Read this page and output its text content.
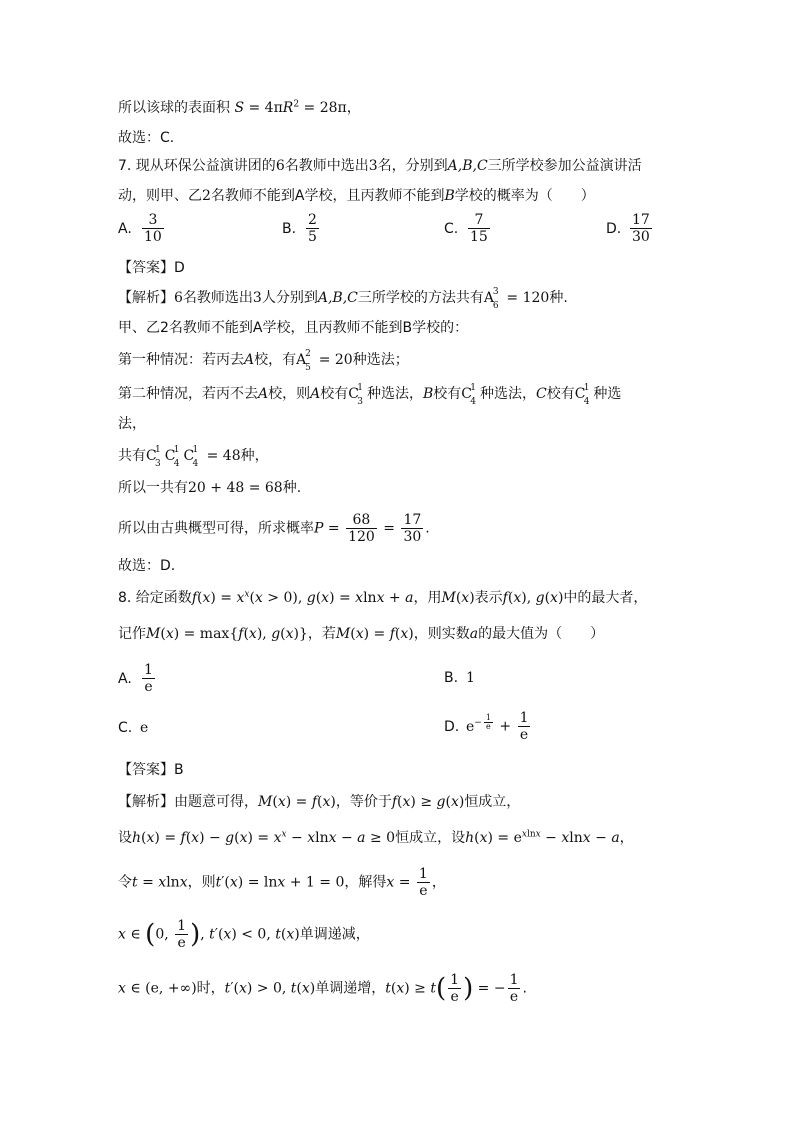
所以该球的表面积 $S = 4\pi R^2 = 28\pi$，
故选：C.
7. 现从环保公益演讲团的6名教师中选出3名，分别到A,B,C三所学校参加公益演讲活
动，则甲、乙2名教师不能到A学校，且丙教师不能到B学校的概率为（　　）
A. $\frac{3}{10}$	B. $\frac{2}{5}$	C. $\frac{7}{15}$	D. $\frac{17}{30}$
【答案】D
【解析】6名教师选出3人分别到A,B,C三所学校的方法共有A
3
6 = 120种.
甲、乙2名教师不能到A学校，且丙教师不能到B学校的：
第一种情况：若丙去A校，有A
2
5 = 20种选法；
第二种情况，若丙不去A校，则A校有C
1
3 种选法，B校有C
1
4 种选法，C校有C
1
4 种选
法，
共有C
1
3 C
1
4 C
1
4 = 48种，
所以一共有20 + 48 = 68种.
所以由古典概型可得，所求概率$P = \frac{68}{120} = \frac{17}{30}$ .
故选：D.
8. 给定函数$f(x) = x^x(x > 0)$, g(x) = xlnx + a，用M(x)表示f(x), g(x)中的最大者，
记作M(x) = max{f(x), g(x)}，若M(x) = f(x)，则实数a的最大值为（　　）
A. $\frac{1}{e}$	B. 1
C. e	D. $e^{- \frac{1}{e}} + \frac{1}{e}$
【答案】B
【解析】由题意可得，M(x) = f(x)，等价于f(x) ≥ g(x)恒成立，
设$h(x) = f(x) - g(x) = x^x - xlnx - a \ge 0$恒成立，设$h(x) = e^{xlnx} - xlnx - a$，
令t = xlnx，则t′(x) = lnx + 1 = 0，解得$x = \frac{1}{e}$ ，
x ∈ (0, $\frac{1}{e}$ ), t′(x) < 0, t(x)单调递减，
x ∈ (e, +∞)时，t′(x) > 0, t(x)单调递增，$t(x) \ge t( \frac{1}{e}$ ) = − $\frac{1}{e}$ .
